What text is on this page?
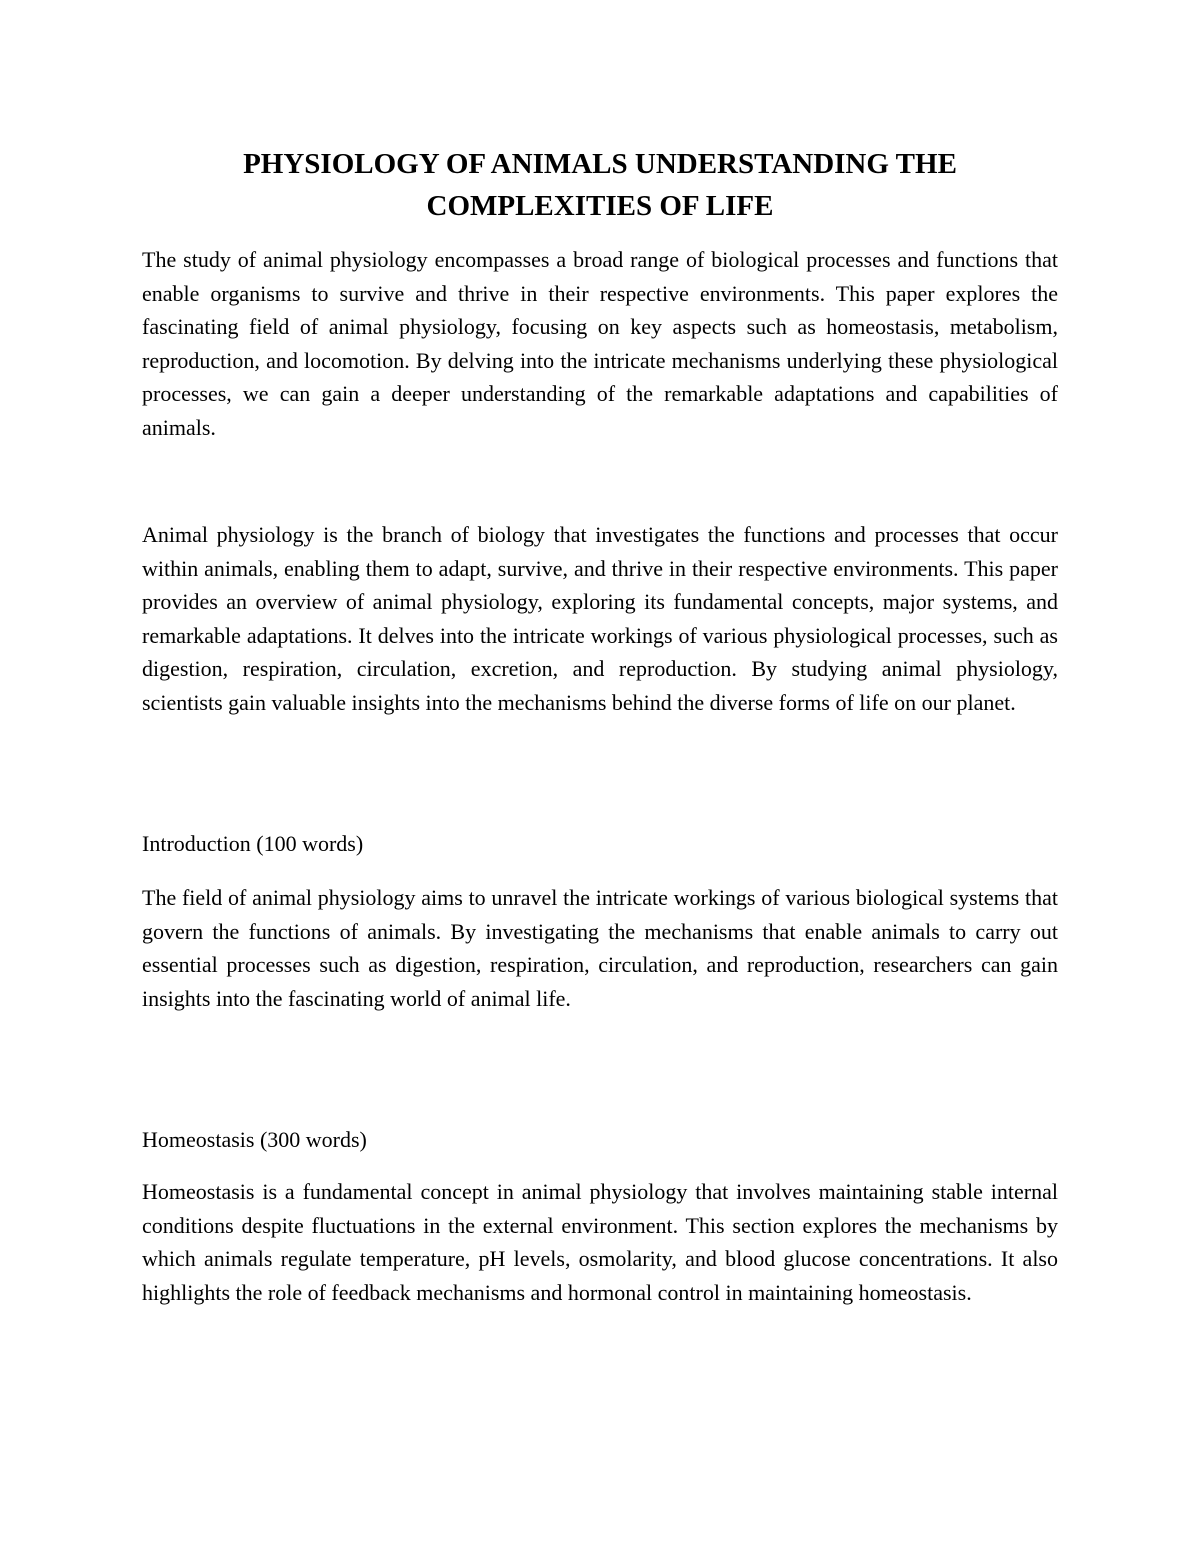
PHYSIOLOGY OF ANIMALS UNDERSTANDING THE COMPLEXITIES OF LIFE

The study of animal physiology encompasses a broad range of biological processes and functions that enable organisms to survive and thrive in their respective environments. This paper explores the fascinating field of animal physiology, focusing on key aspects such as homeostasis, metabolism, reproduction, and locomotion. By delving into the intricate mechanisms underlying these physiological processes, we can gain a deeper understanding of the remarkable adaptations and capabilities of animals.

Animal physiology is the branch of biology that investigates the functions and processes that occur within animals, enabling them to adapt, survive, and thrive in their respective environments. This paper provides an overview of animal physiology, exploring its fundamental concepts, major systems, and remarkable adaptations. It delves into the intricate workings of various physiological processes, such as digestion, respiration, circulation, excretion, and reproduction. By studying animal physiology, scientists gain valuable insights into the mechanisms behind the diverse forms of life on our planet.

Introduction (100 words)

The field of animal physiology aims to unravel the intricate workings of various biological systems that govern the functions of animals. By investigating the mechanisms that enable animals to carry out essential processes such as digestion, respiration, circulation, and reproduction, researchers can gain insights into the fascinating world of animal life.

Homeostasis (300 words)

Homeostasis is a fundamental concept in animal physiology that involves maintaining stable internal conditions despite fluctuations in the external environment. This section explores the mechanisms by which animals regulate temperature, pH levels, osmolarity, and blood glucose concentrations. It also highlights the role of feedback mechanisms and hormonal control in maintaining homeostasis.
